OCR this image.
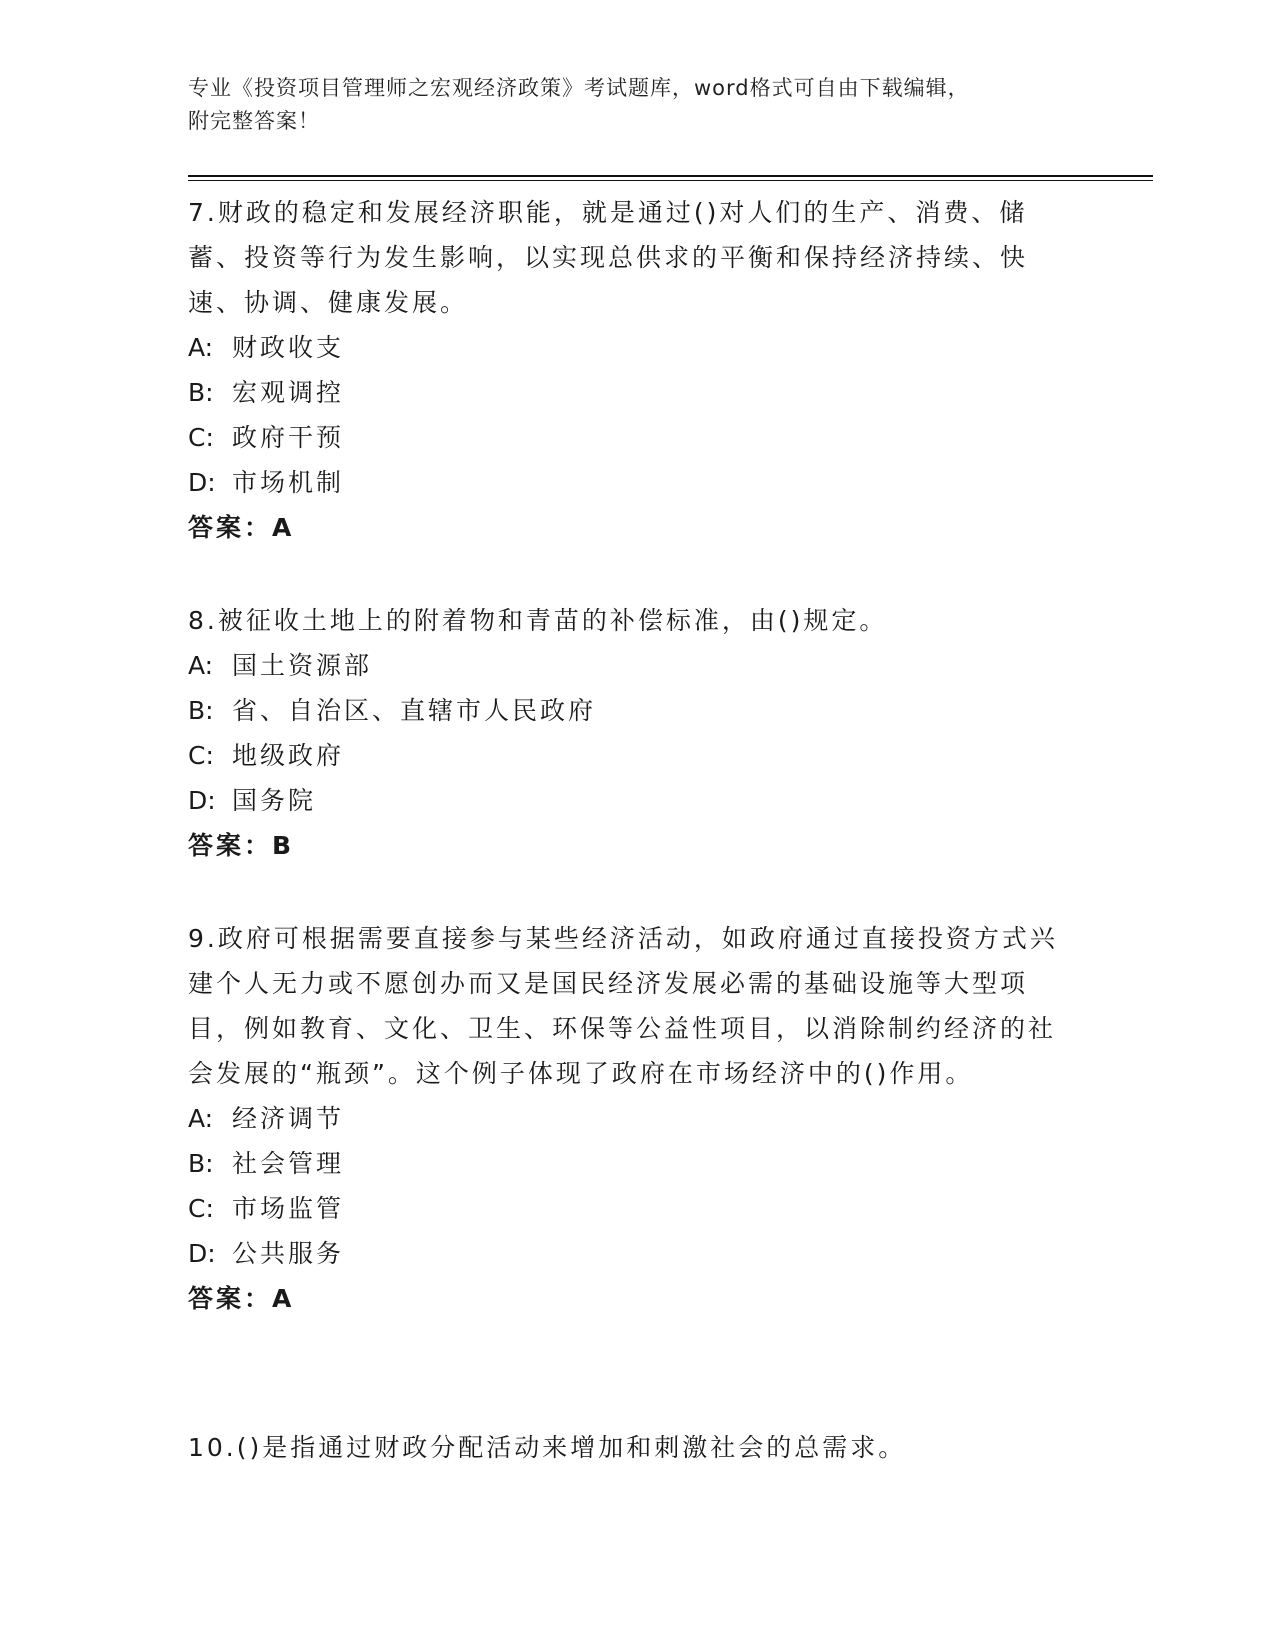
专业《投资项目管理师之宏观经济政策》考试题库，word格式可自由下载编辑，
附完整答案！

7.财政的稳定和发展经济职能，就是通过()对人们的生产、消费、储蓄、投资等行为发生影响，以实现总供求的平衡和保持经济持续、快速、协调、健康发展。

A: 财政收支

B: 宏观调控

C: 政府干预

D: 市场机制

答案：A

8.被征收土地上的附着物和青苗的补偿标准，由()规定。

A: 国土资源部

B: 省、自治区、直辖市人民政府

C: 地级政府

D: 国务院

答案：B

9.政府可根据需要直接参与某些经济活动，如政府通过直接投资方式兴建个人无力或不愿创办而又是国民经济发展必需的基础设施等大型项目，例如教育、文化、卫生、环保等公益性项目，以消除制约经济的社会发展的“瓶颈”。这个例子体现了政府在市场经济中的()作用。

A: 经济调节

B: 社会管理

C: 市场监管

D: 公共服务

答案：A

10.()是指通过财政分配活动来增加和刺激社会的总需求。
